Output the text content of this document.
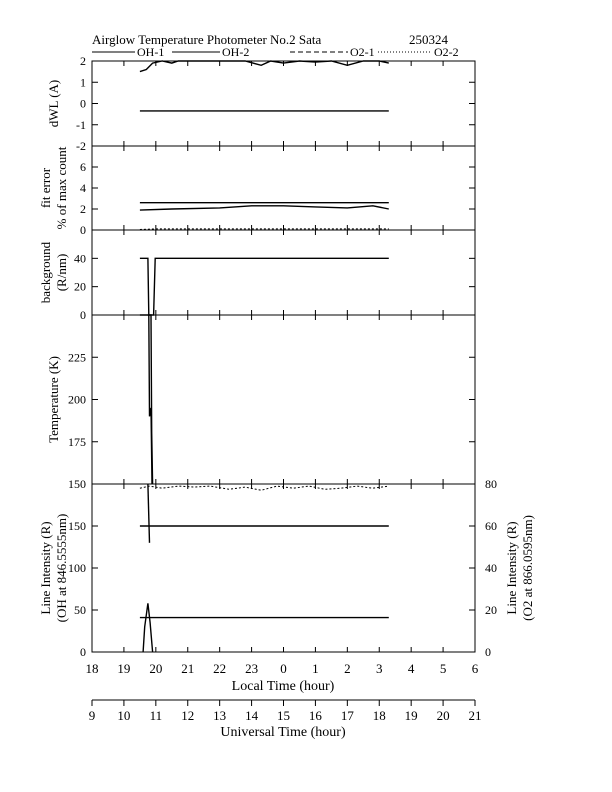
Airglow Temperature Photometer No.2 Sata	250324
OH-1	OH-2	O2-1	O2-2
2
1
0
-1
-2
dWL (A)
6
4
2
0
fit error % of max count
40
20
0
background (R/nm)
225
200
175
150
Temperature (K)
150
100
50
0
80
60
40
20
0
Line Intensity (R) (OH at 846.5555nm)	Line Intensity (R) (O2 at 866.0595nm)
18 19 20 21 22 23 0 1 2 3 4 5 6
Local Time (hour)
9 10 11 12 13 14 15 16 17 18 19 20 21
Universal Time (hour)
